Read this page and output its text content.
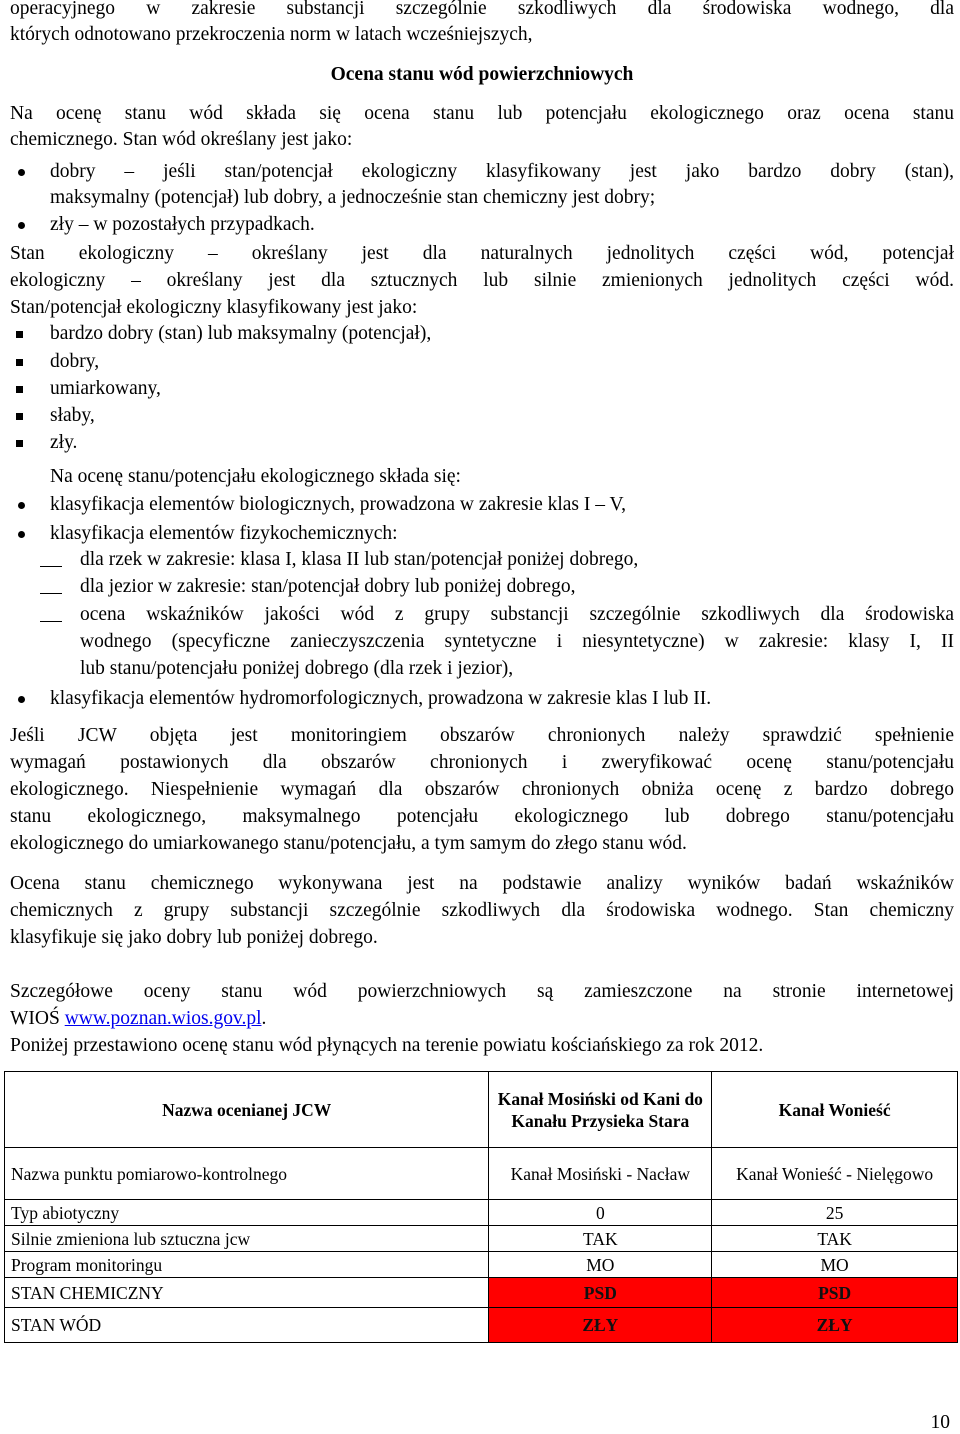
operacyjnego w zakresie substancji szczególnie szkodliwych dla środowiska wodnego, dla
których odnotowano przekroczenia norm w latach wcześniejszych,
Ocena stanu wód powierzchniowych
Na ocenę stanu wód składa się ocena stanu lub potencjału ekologicznego oraz ocena stanu
chemicznego. Stan wód określany jest jako:
dobry – jeśli stan/potencjał ekologiczny klasyfikowany jest jako bardzo dobry (stan),
maksymalny (potencjał) lub dobry, a jednocześnie stan chemiczny jest dobry;
zły – w pozostałych przypadkach.
Stan ekologiczny – określany jest dla naturalnych jednolitych części wód, potencjał
ekologiczny – określany jest dla sztucznych lub silnie zmienionych jednolitych części wód.
Stan/potencjał ekologiczny klasyfikowany jest jako:
bardzo dobry (stan) lub maksymalny (potencjał),
dobry,
umiarkowany,
słaby,
zły.
Na ocenę stanu/potencjału ekologicznego składa się:
klasyfikacja elementów biologicznych, prowadzona w zakresie klas I – V,
klasyfikacja elementów fizykochemicznych:
dla rzek w zakresie: klasa I, klasa II lub stan/potencjał poniżej dobrego,
dla jezior w zakresie: stan/potencjał dobry lub poniżej dobrego,
ocena wskaźników jakości wód z grupy substancji szczególnie szkodliwych dla środowiska
wodnego (specyficzne zanieczyszczenia syntetyczne i niesyntetyczne) w zakresie: klasy I, II
lub stanu/potencjału poniżej dobrego (dla rzek i jezior),
klasyfikacja elementów hydromorfologicznych, prowadzona w zakresie klas I lub II.
Jeśli JCW objęta jest monitoringiem obszarów chronionych należy sprawdzić spełnienie
wymagań postawionych dla obszarów chronionych i zweryfikować ocenę stanu/potencjału
ekologicznego. Niespełnienie wymagań dla obszarów chronionych obniża ocenę z bardzo dobrego
stanu ekologicznego, maksymalnego potencjału ekologicznego lub dobrego stanu/potencjału
ekologicznego do umiarkowanego stanu/potencjału, a tym samym do złego stanu wód.
Ocena stanu chemicznego wykonywana jest na podstawie analizy wyników badań wskaźników
chemicznych z grupy substancji szczególnie szkodliwych dla środowiska wodnego. Stan chemiczny
klasyfikuje się jako dobry lub poniżej dobrego.
Szczegółowe oceny stanu wód powierzchniowych są zamieszczone na stronie internetowej
WIOŚ www.poznan.wios.gov.pl.
Poniżej przestawiono ocenę stanu wód płynących na terenie powiatu kościańskiego za rok 2012.
Nazwa ocenianej JCW	Kanał Mosiński od Kani do Kanału Przysieka Stara	Kanał Wonieść
Nazwa punktu pomiarowo-kontrolnego	Kanał Mosiński - Nacław	Kanał Wonieść - Nielęgowo
Typ abiotyczny	0	25
Silnie zmieniona lub sztuczna jcw	TAK	TAK
Program monitoringu	MO	MO
STAN CHEMICZNY	PSD	PSD
STAN WÓD	ZŁY	ZŁY
10
